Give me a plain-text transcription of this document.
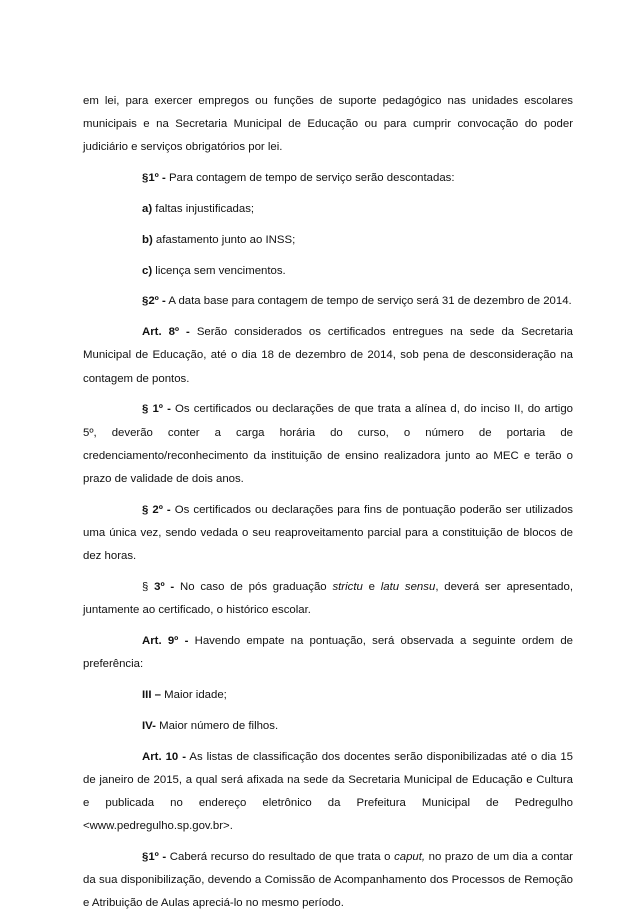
em lei, para exercer empregos ou funções de suporte pedagógico nas unidades escolares municipais e na Secretaria Municipal de Educação ou para cumprir convocação do poder judiciário e serviços obrigatórios por lei.

§1º - Para contagem de tempo de serviço serão descontadas:

a) faltas injustificadas;

b) afastamento junto ao INSS;

c) licença sem vencimentos.

§2º - A data base para contagem de tempo de serviço será 31 de dezembro de 2014.

Art. 8º - Serão considerados os certificados entregues na sede da Secretaria Municipal de Educação, até o dia 18 de dezembro de 2014, sob pena de desconsideração na contagem de pontos.

§ 1º - Os certificados ou declarações de que trata a alínea d, do inciso II, do artigo 5º, deverão conter a carga horária do curso, o número de portaria de credenciamento/reconhecimento da instituição de ensino realizadora junto ao MEC e terão o prazo de validade de dois anos.

§ 2º - Os certificados ou declarações para fins de pontuação poderão ser utilizados uma única vez, sendo vedada o seu reaproveitamento parcial para a constituição de blocos de dez horas.

§ 3º - No caso de pós graduação strictu e latu sensu, deverá ser apresentado, juntamente ao certificado, o histórico escolar.

Art. 9º - Havendo empate na pontuação, será observada a seguinte ordem de preferência:

III – Maior idade;

IV- Maior número de filhos.

Art. 10 - As listas de classificação dos docentes serão disponibilizadas até o dia 15 de janeiro de 2015, a qual será afixada na sede da Secretaria Municipal de Educação e Cultura e publicada no endereço eletrônico da Prefeitura Municipal de Pedregulho <www.pedregulho.sp.gov.br>.

§1º - Caberá recurso do resultado de que trata o caput, no prazo de um dia a contar da sua disponibilização, devendo a Comissão de Acompanhamento dos Processos de Remoção e Atribuição de Aulas apreciá-lo no mesmo período.
